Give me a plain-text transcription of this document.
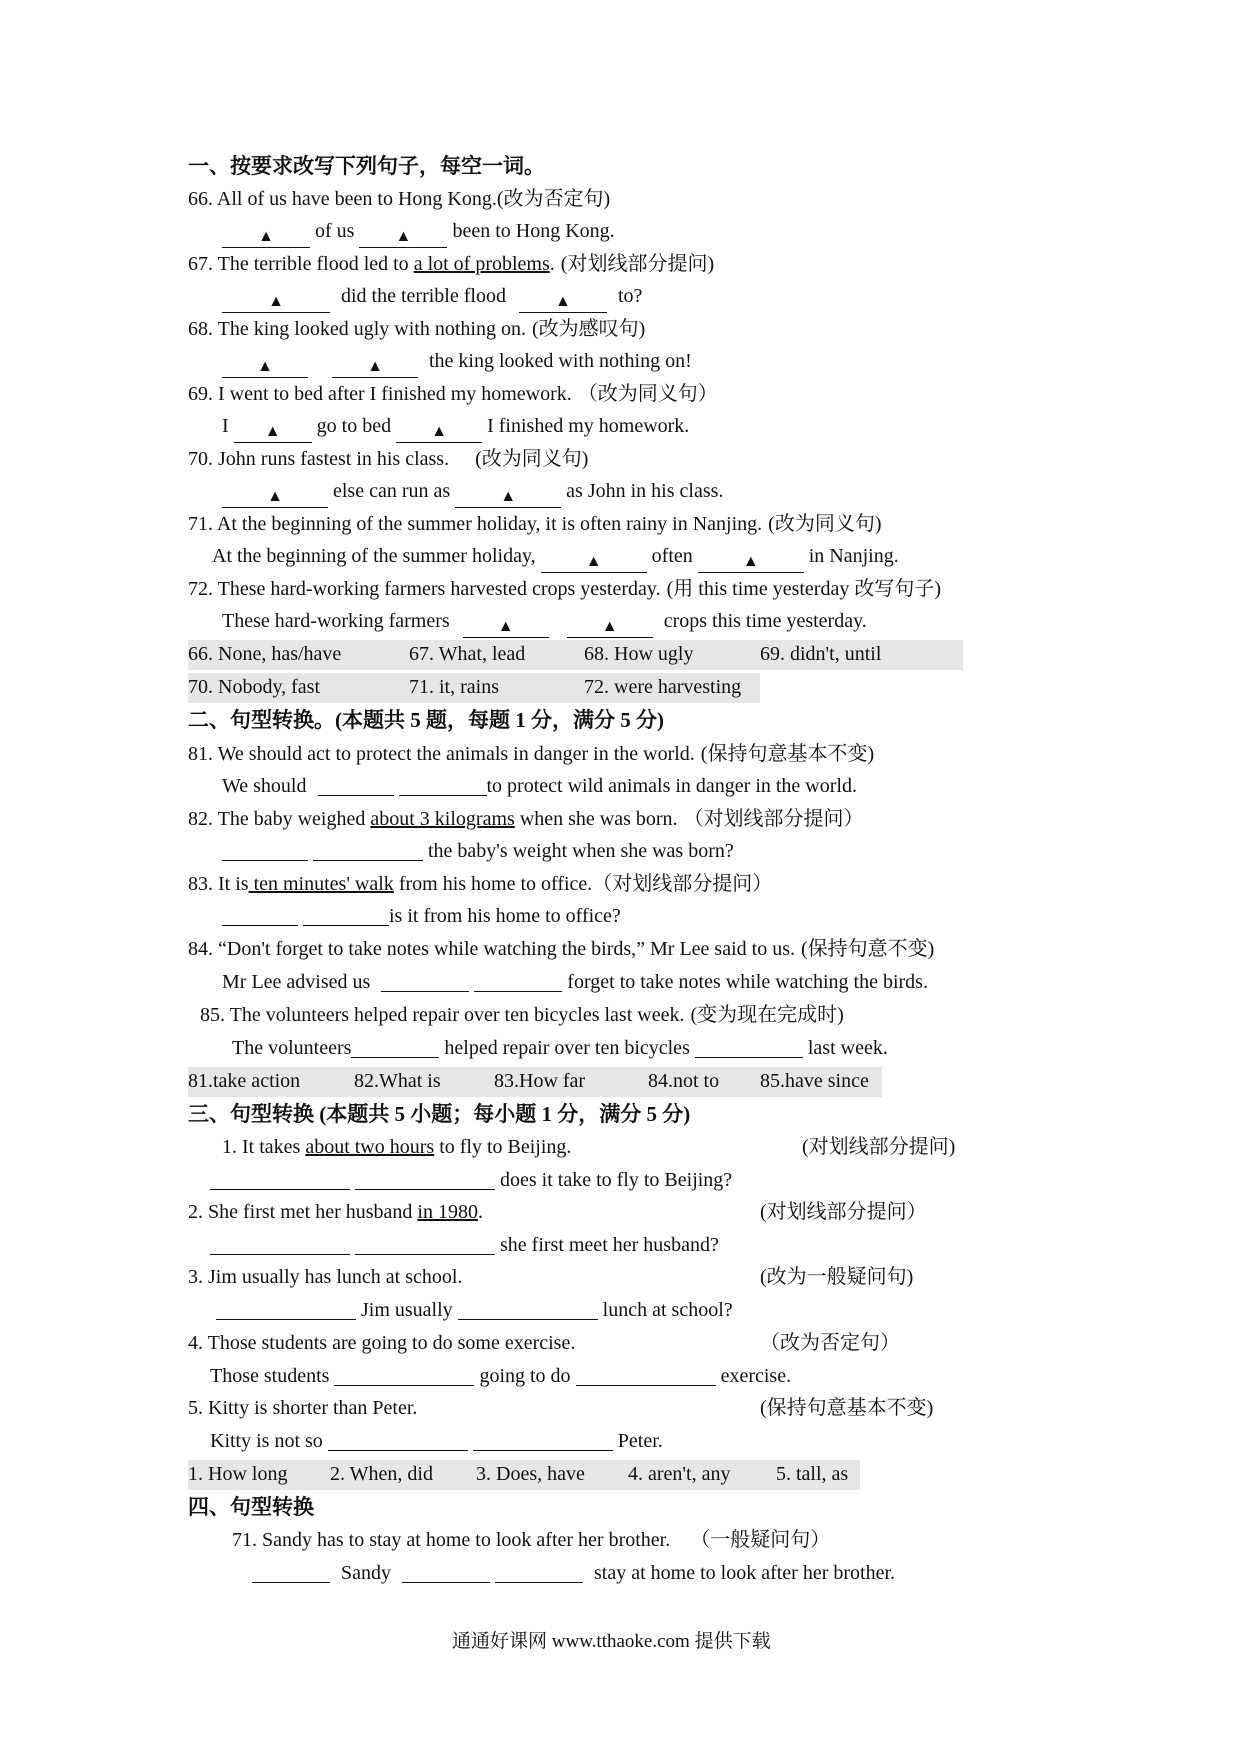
一、按要求改写下列句子，每空一词。
66. All of us have been to Hong Kong.(改为否定句)
▲ of us	▲ been to Hong Kong.
67. The terrible flood led to a lot of problems. (对划线部分提问)
▲	did the terrible flood	▲ to?
68. The king looked ugly with nothing on. (改为感叹句)
▲	▲ the king looked with nothing on!
69. I went to bed after I finished my homework. （改为同义句）
I ▲ go to bed	▲ I finished my homework.
70. John runs fastest in his class. (改为同义句)
▲	else can run as	▲	as John in his class.
71. At the beginning of the summer holiday, it is often rainy in Nanjing. (改为同义句)
At the beginning of the summer holiday,	▲	often	▲	in Nanjing.
72. These hard-working farmers harvested crops yesterday. (用 this time yesterday 改写句子)
These hard-working farmers	▲	▲ crops this time yesterday.
66. None, has/have	67. What, lead	68. How ugly	69. didn't, until
70. Nobody, fast	71. it, rains	72. were harvesting
二、句型转换。(本题共 5 题，每题 1 分，满分 5 分)
81. We should act to protect the animals in danger in the world. (保持句意基本不变)
We should	to protect wild animals in danger in the world.
82. The baby weighed about 3 kilograms when she was born. （对划线部分提问）
the baby's weight when she was born?
83. It is ten minutes' walk from his home to office.（对划线部分提问）
is it from his home to office?
84. “Don't forget to take notes while watching the birds,” Mr Lee said to us. (保持句意不变)
Mr Lee advised us	forget to take notes while watching the birds.
85. The volunteers helped repair over ten bicycles last week. (变为现在完成时)
The volunteers	helped repair over ten bicycles	last week.
81.take action	82.What is	83.How far	84.not to 85.have since
三、句型转换 (本题共 5 小题；每小题 1 分，满分 5 分)
1. It takes about two hours to fly to Beijing.	(对划线部分提问)
does it take to fly to Beijing?
2. She first met her husband in 1980.	(对划线部分提问）
she first meet her husband?
3. Jim usually has lunch at school.	(改为一般疑问句)
Jim usually	lunch at school?
4. Those students are going to do some exercise.	（改为否定句）
Those students	going to do	exercise.
5. Kitty is shorter than Peter.	(保持句意基本不变)
Kitty is not so	Peter.
1. How long 2. When, did 3. Does, have 4. aren't, any 5. tall, as
四、句型转换
71. Sandy has to stay at home to look after her brother. （一般疑问句）
Sandy	stay at home to look after her brother.
通通好课网 www.tthaoke.com 提供下载
